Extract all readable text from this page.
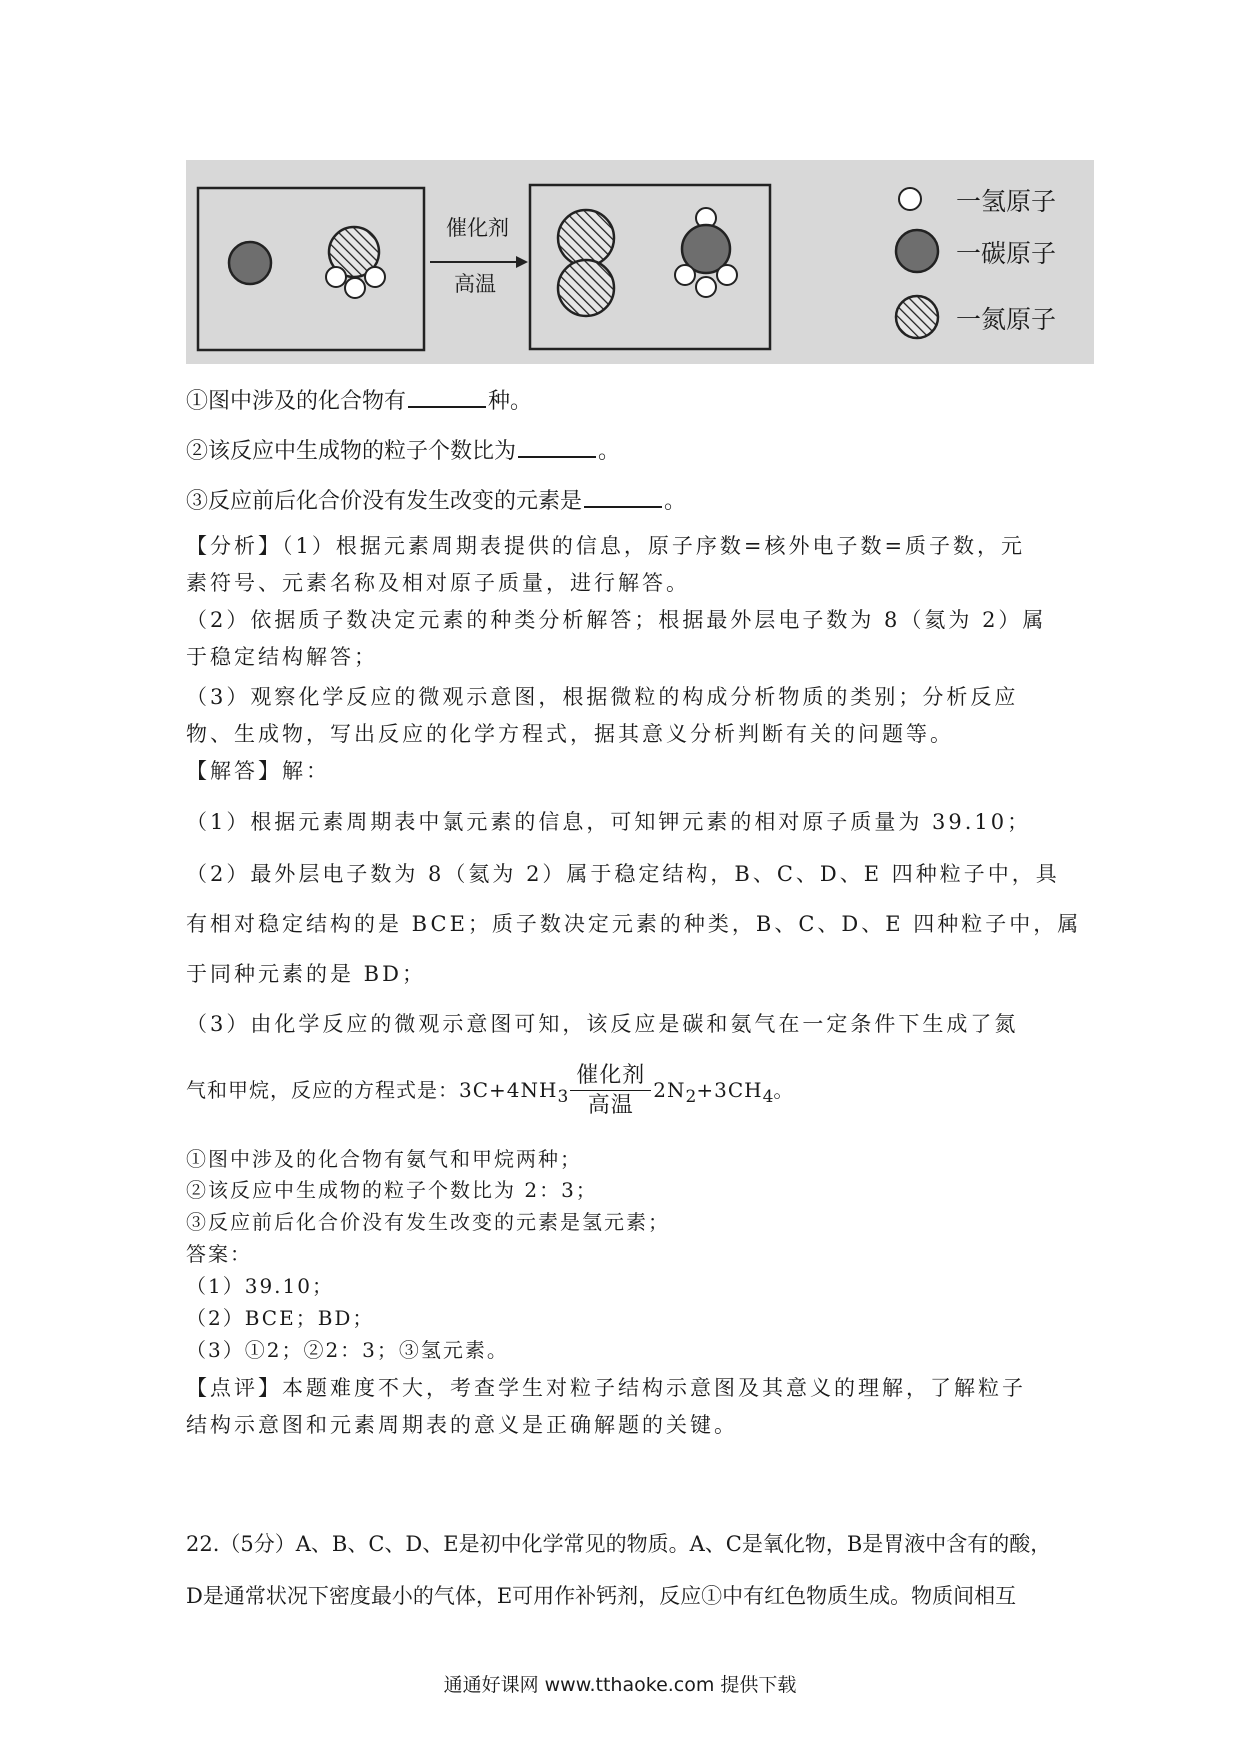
催化剂
高温
一氢原子
一碳原子
一氮原子
①图中涉及的化合物有	种。
②该反应中生成物的粒子个数比为	。
③反应前后化合价没有发生改变的元素是	。
【分析】（1）根据元素周期表提供的信息，原子序数=核外电子数=质子数，元
素符号、元素名称及相对原子质量，进行解答。
（2）依据质子数决定元素的种类分析解答；根据最外层电子数为 8（氦为 2）属
于稳定结构解答；
（3）观察化学反应的微观示意图，根据微粒的构成分析物质的类别；分析反应
物、生成物，写出反应的化学方程式，据其意义分析判断有关的问题等。
【解答】解：
（1）根据元素周期表中氯元素的信息，可知钾元素的相对原子质量为 39.10；
（2）最外层电子数为 8（氦为 2）属于稳定结构，B、C、D、E 四种粒子中，具
有相对稳定结构的是 BCE；质子数决定元素的种类，B、C、D、E 四种粒子中，属
于同种元素的是 BD；
（3）由化学反应的微观示意图可知，该反应是碳和氨气在一定条件下生成了氮
气和甲烷，反应的方程式是：$3C+4NH_3 \frac{\text{催化剂}}{\text{高温}} 2N_2+3CH_4$。
①图中涉及的化合物有氨气和甲烷两种；
②该反应中生成物的粒子个数比为 2：3；
③反应前后化合价没有发生改变的元素是氢元素；
答案：
（1）39.10；
（2）BCE；BD；
（3）①2；②2：3；③氢元素。
【点评】本题难度不大，考查学生对粒子结构示意图及其意义的理解，了解粒子
结构示意图和元素周期表的意义是正确解题的关键。
22.（5分）A、B、C、D、E是初中化学常见的物质。A、C是氧化物，B是胃液中含有的酸，
D是通常状况下密度最小的气体，E可用作补钙剂，反应①中有红色物质生成。物质间相互
通通好课网 www.tthaoke.com 提供下载
